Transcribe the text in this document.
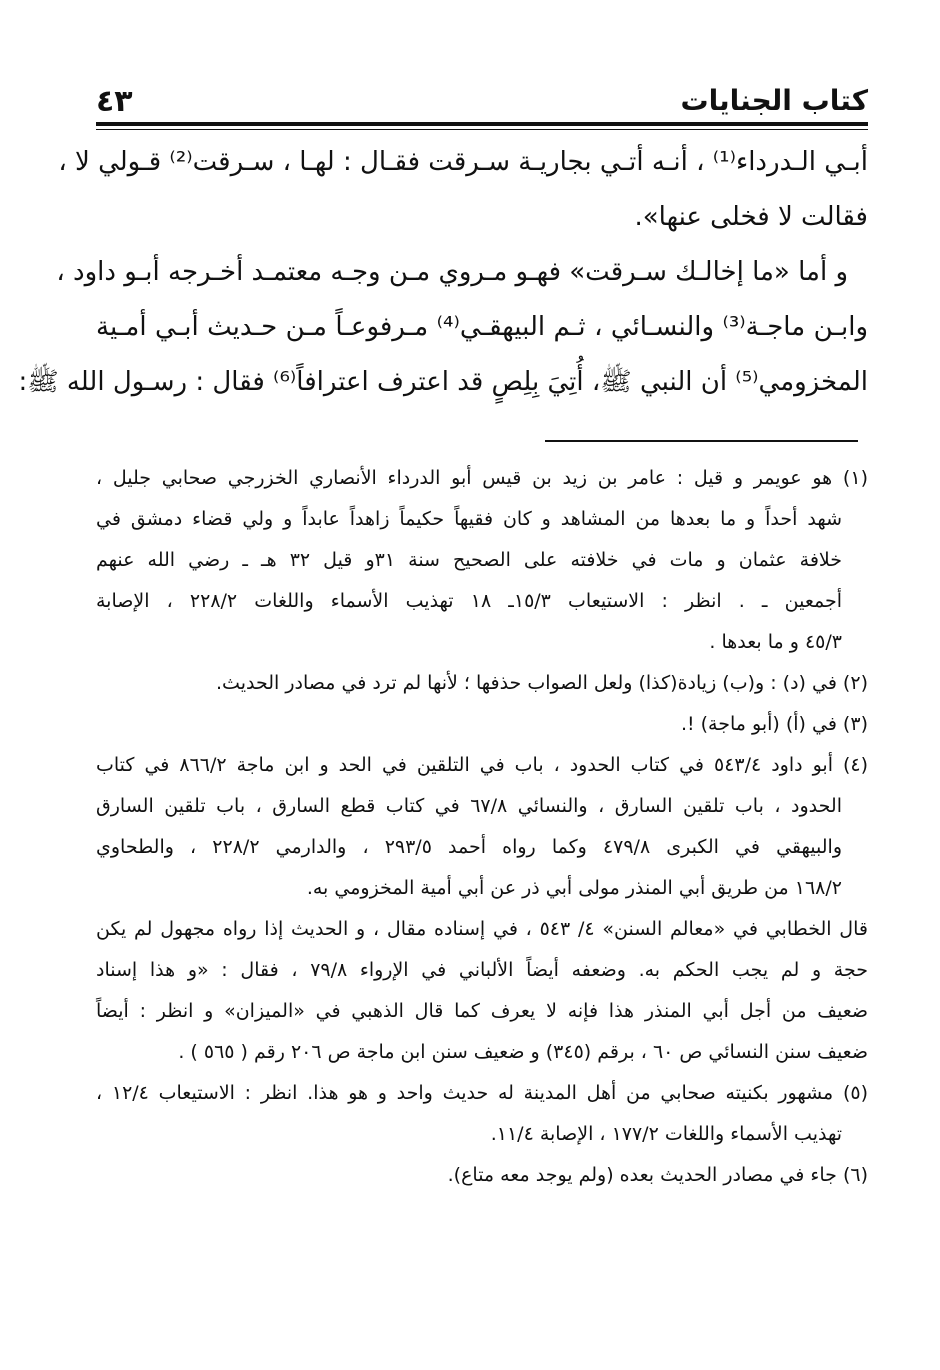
٤٣	كتاب الجنايات
أبـي الـدرداء⁽¹⁾ ، أنـه أتـي بجاريـة سـرقت فقـال : لهـا ، سـرقت⁽²⁾ قـولي لا ،
فقالت لا فخلى عنها».
و أما «ما إخالـك سـرقت» فهـو مـروي مـن وجـه معتمـد أخـرجه أبـو داود ،
وابـن ماجـة⁽³⁾ والنسـائي ، ثـم البيهقـي⁽⁴⁾ مـرفوعـاً مـن حـديث أبـي أمـية
المخزومي⁽⁵⁾ أن النبي ﷺ، أُتِيَ بِلِصٍ قد اعترف اعترافاً⁽⁶⁾ فقال : رسـول الله ﷺ:
(١) هو عويمر و قيل : عامر بن زيد بن قيس أبو الدرداء الأنصاري الخزرجي صحابي جليل ،
شهد أحداً و ما بعدها من المشاهد و كان فقيهاً حكيماً زاهداً عابداً و ولي قضاء دمشق في
خلافة عثمان و مات في خلافته على الصحيح سنة ٣١و قيل ٣٢ هـ ـ رضي الله عنهم
أجمعين ـ . انظر : الاستيعاب ١٥/٣ـ ١٨ تهذيب الأسماء واللغات ٢٢٨/٢ ، الإصابة
٤٥/٣ و ما بعدها .
(٢) في (د) : و(ب) زيادة(كذا) ولعل الصواب حذفها ؛ لأنها لم ترد في مصادر الحديث.
(٣) في (أ) (أبو ماجة) !.
(٤) أبو داود ٥٤٣/٤ في كتاب الحدود ، باب في التلقين في الحد و ابن ماجة ٨٦٦/٢ في كتاب
الحدود ، باب تلقين السارق ، والنسائي ٦٧/٨ في كتاب قطع السارق ، باب تلقين السارق
والبيهقي في الكبرى ٤٧٩/٨ وكما رواه أحمد ٢٩٣/٥ ، والدارمي ٢٢٨/٢ ، والطحاوي
١٦٨/٢ من طريق أبي المنذر مولى أبي ذر عن أبي أمية المخزومي به.
قال الخطابي في «معالم السنن» ٤/ ٥٤٣ ، في إسناده مقال ، و الحديث إذا رواه مجهول لم يكن
حجة و لم يجب الحكم به. وضعفه أيضاً الألباني في الإرواء ٧٩/٨ ، فقال : «و هذا إسناد
ضعيف من أجل أبي المنذر هذا فإنه لا يعرف كما قال الذهبي في «الميزان» و انظر : أيضاً
ضعيف سنن النسائي ص ٦٠ ، برقم (٣٤٥) و ضعيف سنن ابن ماجة ص ٢٠٦ رقم ( ٥٦٥ ) .
(٥) مشهور بكنيته صحابي من أهل المدينة له حديث واحد و هو هذا. انظر : الاستيعاب ١٢/٤ ،
تهذيب الأسماء واللغات ١٧٧/٢ ، الإصابة ١١/٤.
(٦) جاء في مصادر الحديث بعده (ولم يوجد معه متاع).
